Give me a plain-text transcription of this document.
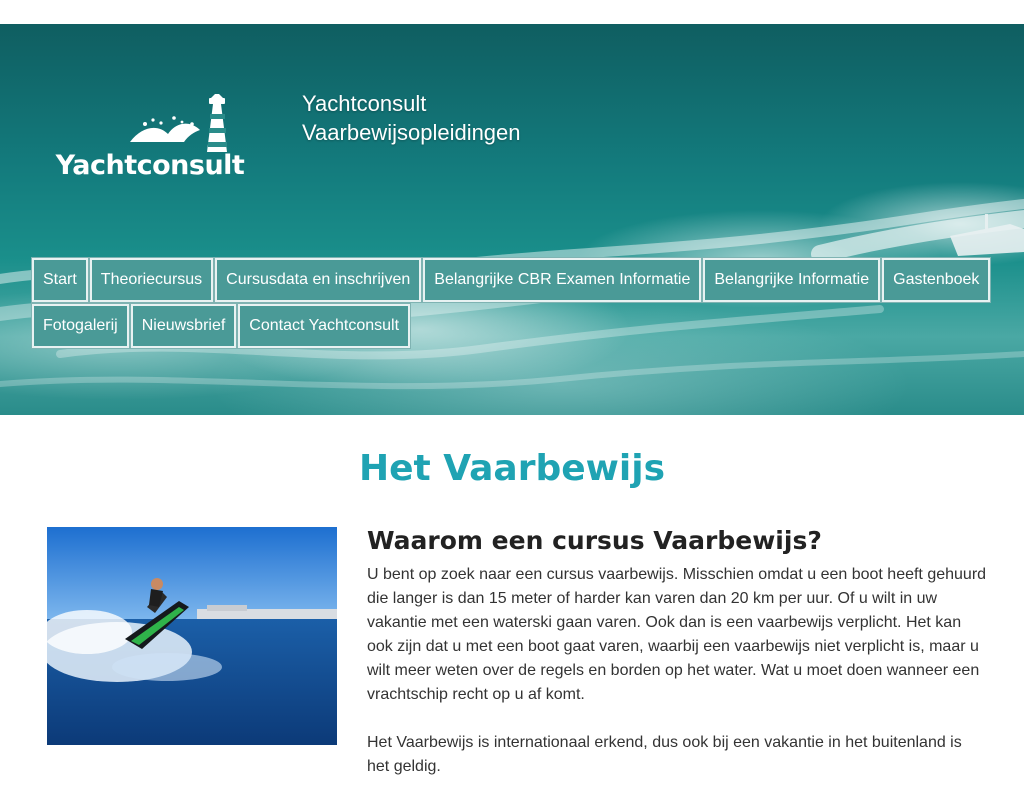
Yachtconsult
Yachtconsult
Vaarbewijsopleidingen
Start	Theoriecursus	Cursusdata en inschrijven	Belangrijke CBR Examen Informatie	Belangrijke Informatie	Gastenboek
Fotogalerij	Nieuwsbrief	Contact Yachtconsult
Het Vaarbewijs
Waarom een cursus Vaarbewijs?

U bent op zoek naar een cursus vaarbewijs. Misschien omdat u een boot heeft gehuurd die langer is dan 15 meter of harder kan varen dan 20 km per uur. Of u wilt in uw vakantie met een waterski gaan varen. Ook dan is een vaarbewijs verplicht. Het kan ook zijn dat u met een boot gaat varen, waarbij een vaarbewijs niet verplicht is, maar u wilt meer weten over de regels en borden op het water. Wat u moet doen wanneer een vrachtschip recht op u af komt.

Het Vaarbewijs is internationaal erkend, dus ook bij een vakantie in het buitenland is het geldig.
